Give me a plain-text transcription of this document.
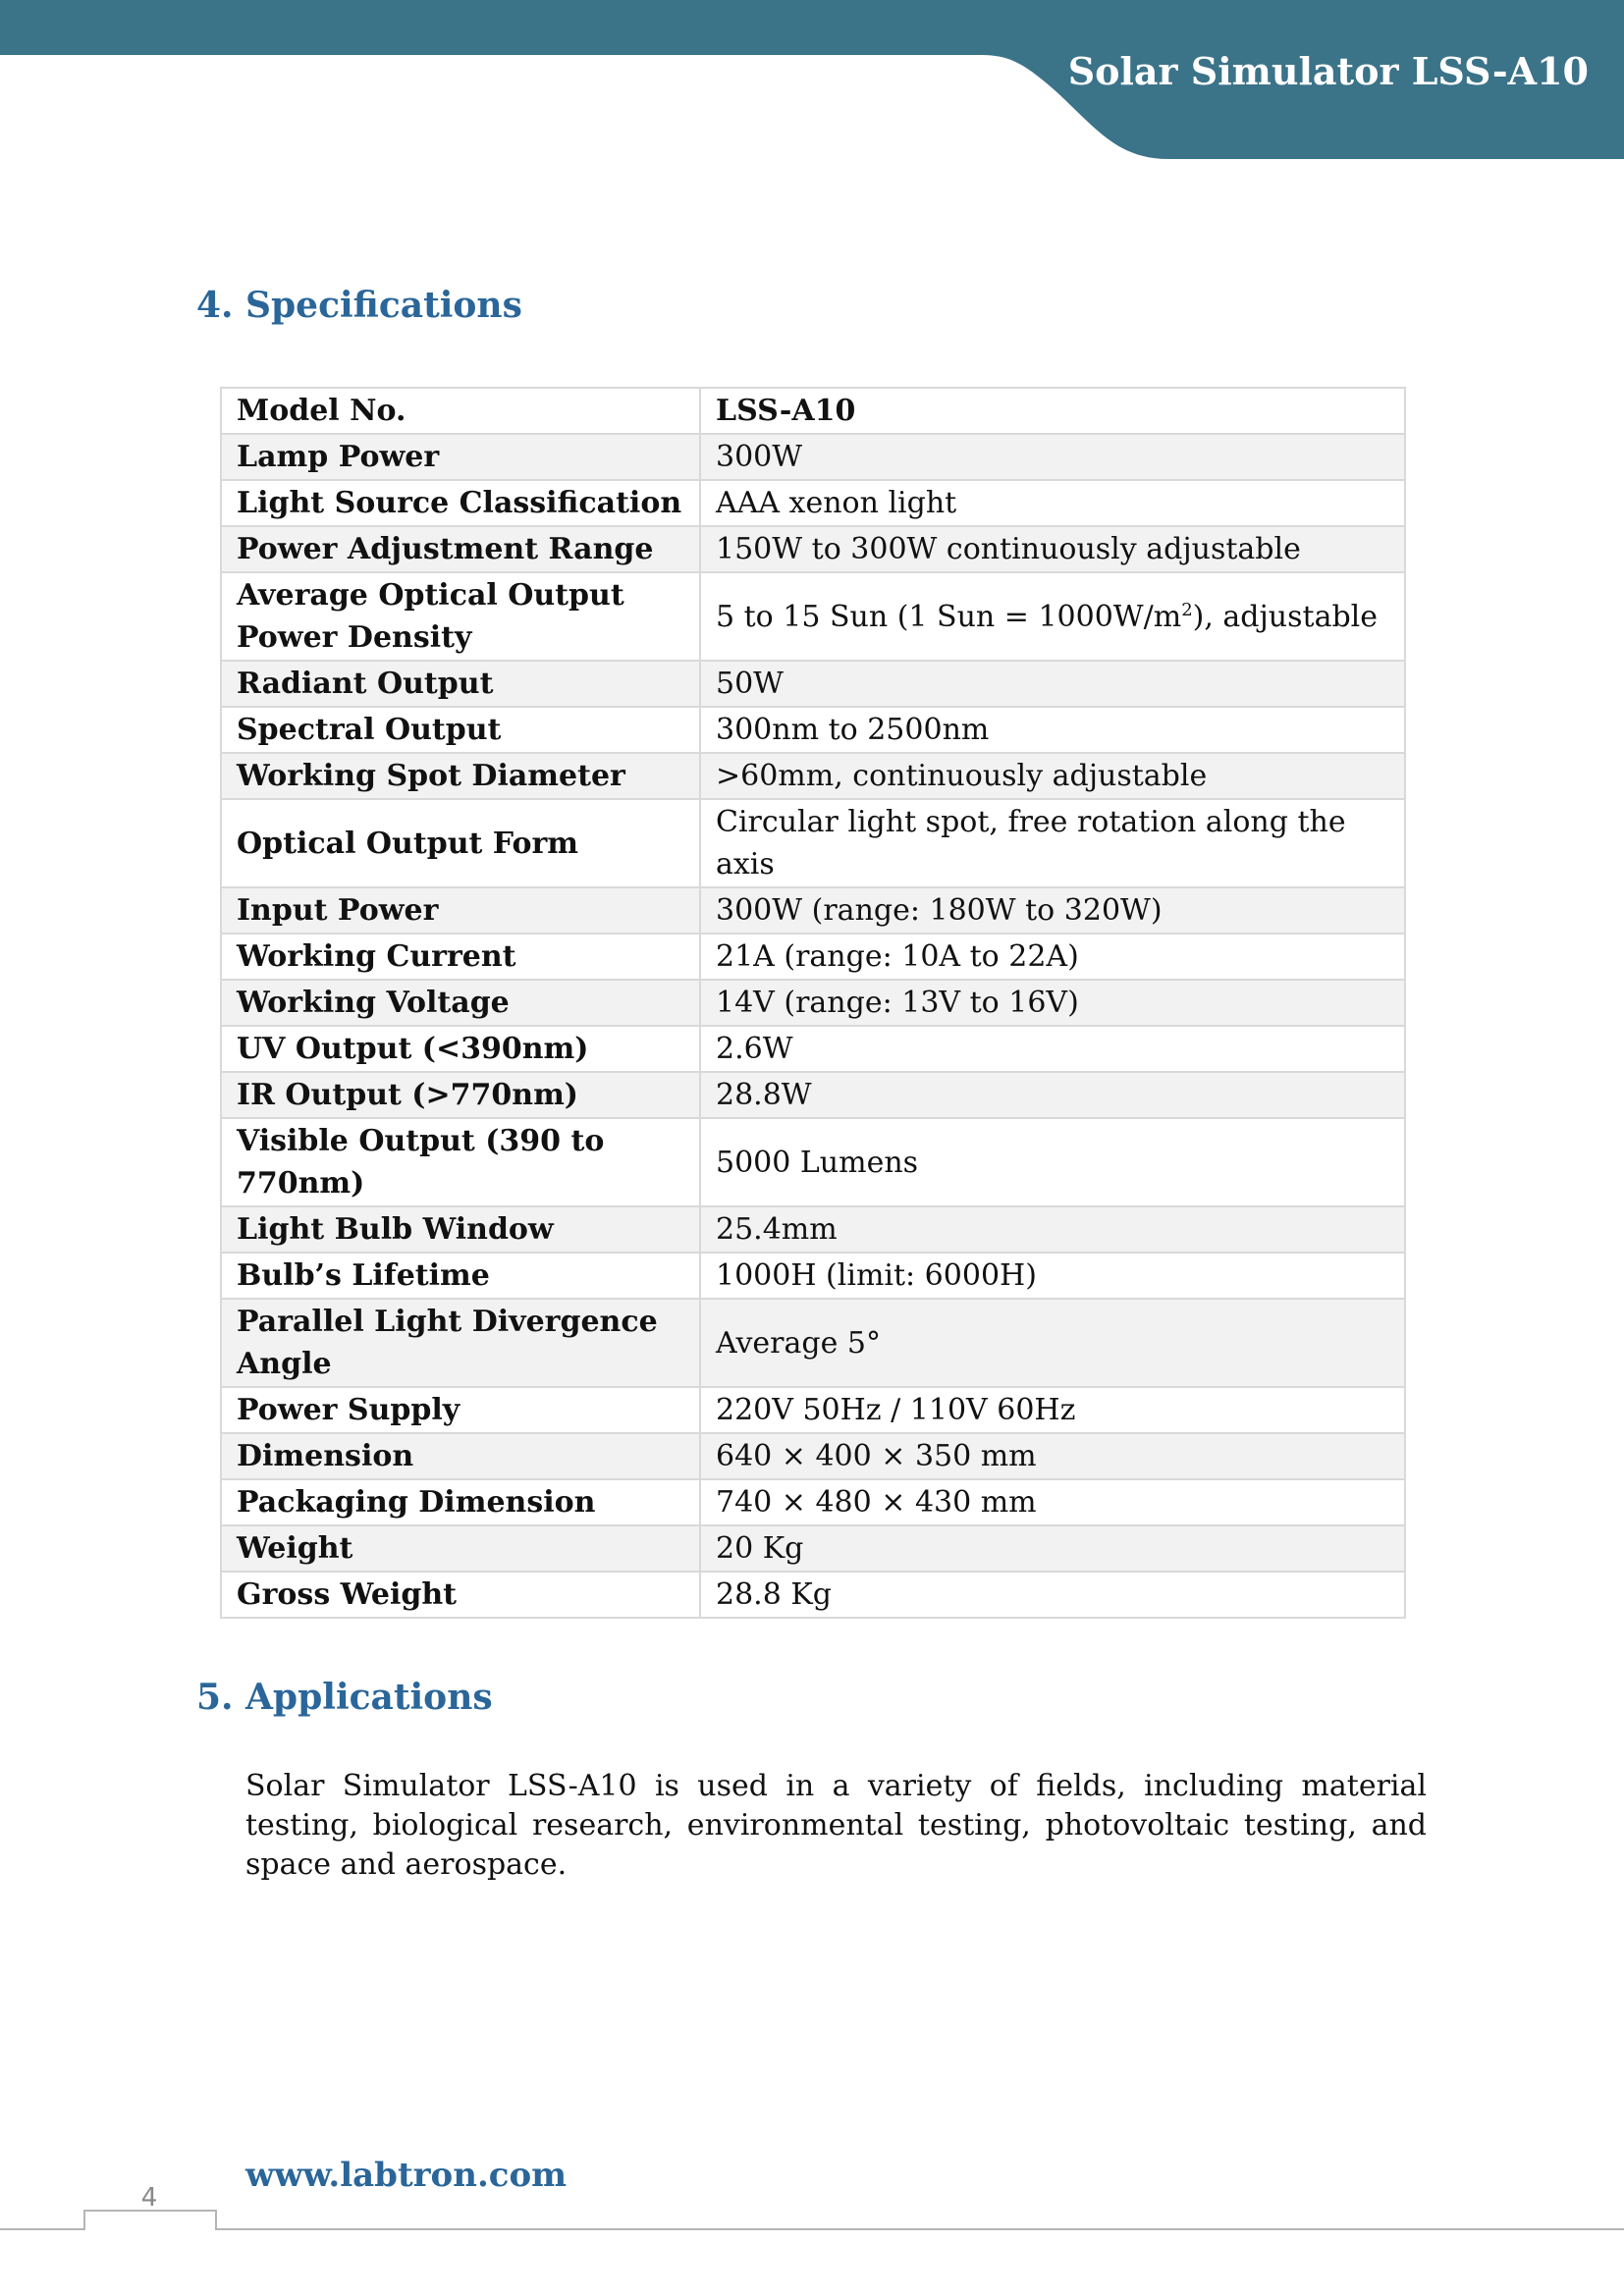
Solar Simulator LSS-A10
4. Specifications
Model No.	LSS-A10
Lamp Power	300W
Light Source Classification	AAA xenon light
Power Adjustment Range	150W to 300W continuously adjustable
Average Optical Output Power Density	5 to 15 Sun (1 Sun = $1000W/m^2$), adjustable
Radiant Output	50W
Spectral Output	300nm to 2500nm
Working Spot Diameter	>60mm, continuously adjustable
Optical Output Form	Circular light spot, free rotation along the axis
Input Power	300W (range: 180W to 320W)
Working Current	21A (range: 10A to 22A)
Working Voltage	14V (range: 13V to 16V)
UV Output (<390nm)	2.6W
IR Output (>770nm)	28.8W
Visible Output (390 to 770nm)	5000 Lumens
Light Bulb Window	25.4mm
Bulb’s Lifetime	1000H (limit: 6000H)
Parallel Light Divergence Angle	Average 5°
Power Supply	220V 50Hz / 110V 60Hz
Dimension	640 × 400 × 350 mm
Packaging Dimension	740 × 480 × 430 mm
Weight	20 Kg
Gross Weight	28.8 Kg
5. Applications
Solar Simulator LSS-A10 is used in a variety of fields, including material testing, biological research, environmental testing, photovoltaic testing, and space and aerospace.
4
www.labtron.com
